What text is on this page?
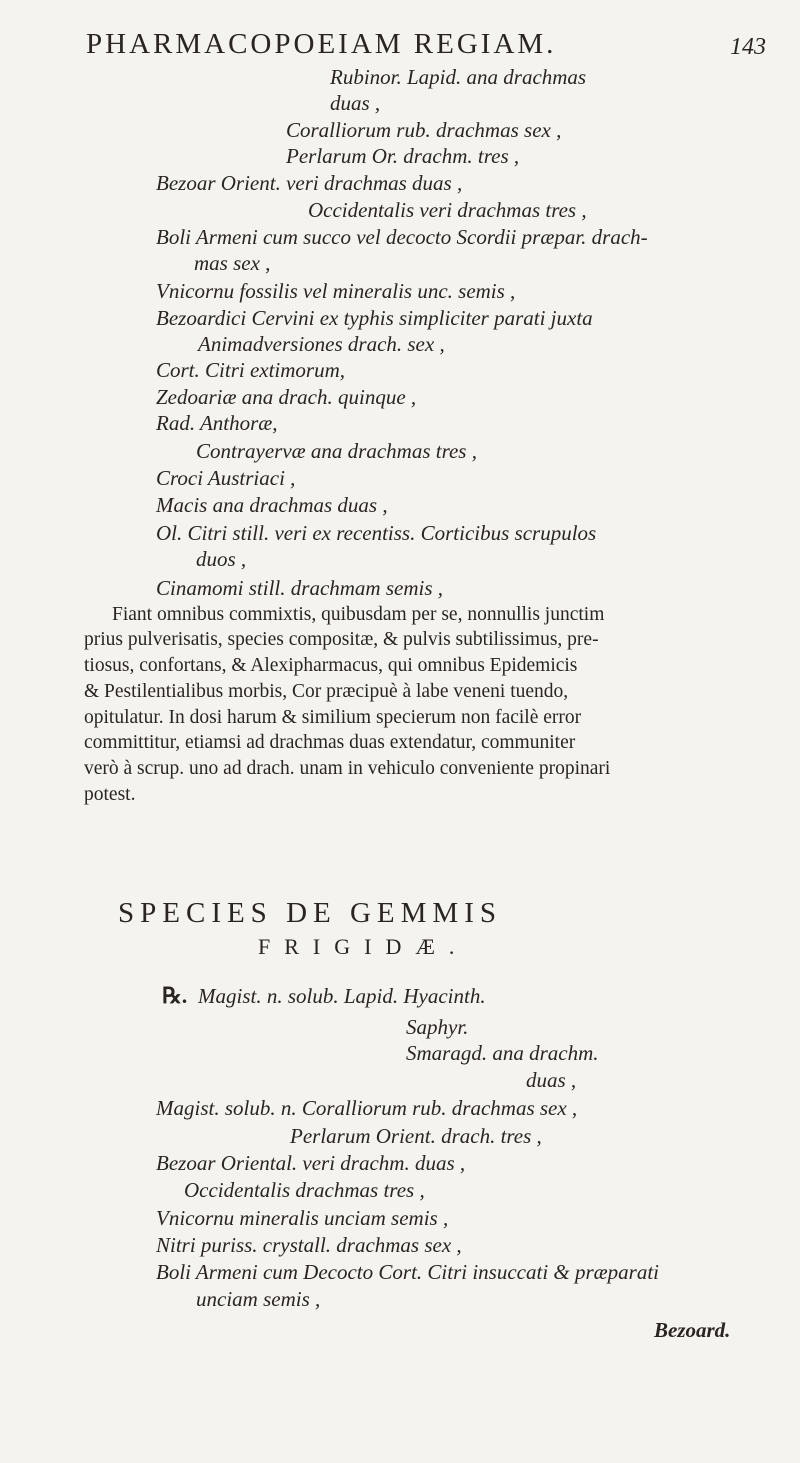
PHARMACOPOEIAM REGIAM.	143
Rubinor. Lapid. ana drachmas
duas ,
Coralliorum rub. drachmas sex ,
Perlarum Or. drachm. tres ,
Bezoar Orient. veri drachmas duas ,
Occidentalis veri drachmas tres ,
Boli Armeni cum succo vel decocto Scordii præpar. drach-
mas sex ,
Vnicornu fossilis vel mineralis unc. semis ,
Bezoardici Cervini ex typhis simpliciter parati juxta
Animadversiones drach. sex ,
Cort. Citri extimorum,
Zedoariæ ana drach. quinque ,
Rad. Anthoræ,
Contrayervæ ana drachmas tres ,
Croci Austriaci ,
Macis ana drachmas duas ,
Ol. Citri still. veri ex recentiss. Corticibus scrupulos
duos ,
Cinamomi still. drachmam semis ,
Fiant omnibus commixtis, quibusdam per se, nonnullis junctim
prius pulverisatis, species compositæ, & pulvis subtilissimus, pre-
tiosus, confortans, & Alexipharmacus, qui omnibus Epidemicis
& Pestilentialibus morbis, Cor præcipuè à labe veneni tuendo,
opitulatur. In dosi harum & similium specierum non facilè error
committitur, etiamsi ad drachmas duas extendatur, communiter
verò à scrup. uno ad drach. unam in vehiculo conveniente propinari
potest.
SPECIES DE GEMMIS
FRIGIDÆ.
℞. Magist. n. solub. Lapid. Hyacinth.
Saphyr.
Smaragd. ana drachm.
duas ,
Magist. solub. n. Coralliorum rub. drachmas sex ,
Perlarum Orient. drach. tres ,
Bezoar Oriental. veri drachm. duas ,
Occidentalis drachmas tres ,
Vnicornu mineralis unciam semis ,
Nitri puriss. crystall. drachmas sex ,
Boli Armeni cum Decocto Cort. Citri insuccati & præparati
unciam semis ,
Bezoard.
